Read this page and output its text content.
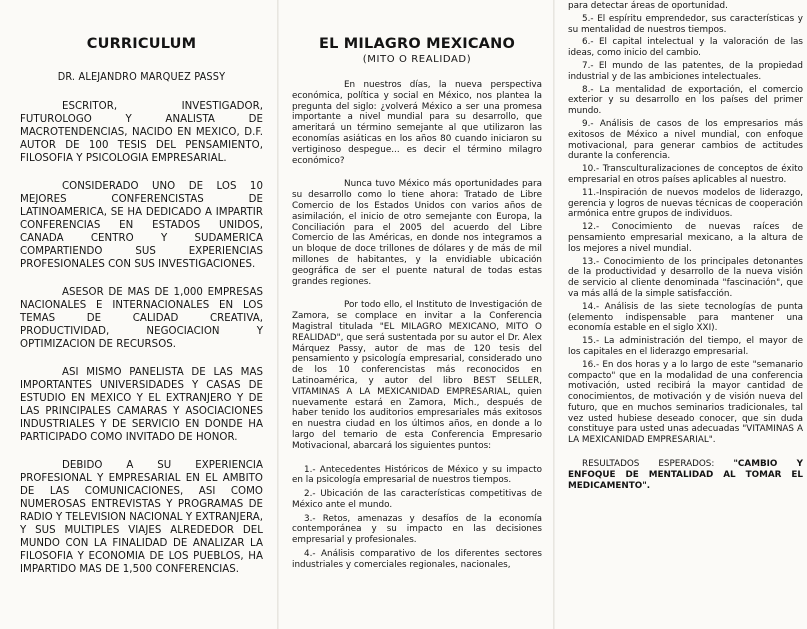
CURRICULUM
DR. ALEJANDRO MARQUEZ PASSY

ESCRITOR, INVESTIGADOR, FUTUROLOGO Y ANALISTA DE MACROTENDENCIAS, NACIDO EN MEXICO, D.F. AUTOR DE 100 TESIS DEL PENSAMIENTO, FILOSOFIA Y PSICOLOGIA EMPRESARIAL.

CONSIDERADO UNO DE LOS 10 MEJORES CONFERENCISTAS DE LATINOAMERICA, SE HA DEDICADO A IMPARTIR CONFERENCIAS EN ESTADOS UNIDOS, CANADA CENTRO Y SUDAMERICA COMPARTIENDO SUS EXPERIENCIAS PROFESIONALES CON SUS INVESTIGACIONES.

ASESOR DE MAS DE 1,000 EMPRESAS NACIONALES E INTERNACIONALES EN LOS TEMAS DE CALIDAD CREATIVA, PRODUCTIVIDAD, NEGOCIACION Y OPTIMIZACION DE RECURSOS.

ASI MISMO PANELISTA DE LAS MAS IMPORTANTES UNIVERSIDADES Y CASAS DE ESTUDIO EN MEXICO Y EL EXTRANJERO Y DE LAS PRINCIPALES CAMARAS Y ASOCIACIONES INDUSTRIALES Y DE SERVICIO EN DONDE HA PARTICIPADO COMO INVITADO DE HONOR.

DEBIDO A SU EXPERIENCIA PROFESIONAL Y EMPRESARIAL EN EL AMBITO DE LAS COMUNICACIONES, ASI COMO NUMEROSAS ENTREVISTAS Y PROGRAMAS DE RADIO Y TELEVISION NACIONAL Y EXTRANJERA, Y SUS MULTIPLES VIAJES ALREDEDOR DEL MUNDO CON LA FINALIDAD DE ANALIZAR LA FILOSOFIA Y ECONOMIA DE LOS PUEBLOS, HA IMPARTIDO MAS DE 1,500 CONFERENCIAS.

EL MILAGRO MEXICANO
(MITO O REALIDAD)

En nuestros días, la nueva perspectiva económica, política y social en México, nos plantea la pregunta del siglo: ¿volverá México a ser una promesa importante a nivel mundial para su desarrollo, que ameritará un término semejante al que utilizaron las economías asiáticas en los años 80 cuando iniciaron su vertiginoso despegue... es decir el término milagro económico?

Nunca tuvo México más oportunidades para su desarrollo como lo tiene ahora: Tratado de Libre Comercio de los Estados Unidos con varios años de asimilación, el inicio de otro semejante con Europa, la Conciliación para el 2005 del acuerdo del Libre Comercio de las Américas, en donde nos integramos a un bloque de doce trillones de dólares y de más de mil millones de habitantes, y la envidiable ubicación geográfica de ser el puente natural de todas estas grandes regiones.

Por todo ello, el Instituto de Investigación de Zamora, se complace en invitar a la Conferencia Magistral titulada "EL MILAGRO MEXICANO, MITO O REALIDAD", que será sustentada por su autor el Dr. Alex Márquez Passy, autor de mas de 120 tesis del pensamiento y psicología empresarial, considerado uno de los 10 conferencistas más reconocidos en Latinoamérica, y autor del libro BEST SELLER, VITAMINAS A LA MEXICANIDAD EMPRESARIAL, quien nuevamente estará en Zamora, Mich., después de haber tenido los auditorios empresariales más exitosos en nuestra ciudad en los últimos años, en donde a lo largo del temario de esta Conferencia Empresario Motivacional, abarcará los siguientes puntos:

1.- Antecedentes Históricos de México y su impacto en la psicología empresarial de nuestros tiempos.
2.- Ubicación de las características competitivas de México ante el mundo.
3.- Retos, amenazas y desafíos de la economía contemporánea y su impacto en las decisiones empresarial y profesionales.
4.- Análisis comparativo de los diferentes sectores industriales y comerciales regionales, nacionales,
para detectar áreas de oportunidad.
5.- El espíritu emprendedor, sus características y su mentalidad de nuestros tiempos.
6.- El capital intelectual y la valoración de las ideas, como inicio del cambio.
7.- El mundo de las patentes, de la propiedad industrial y de las ambiciones intelectuales.
8.- La mentalidad de exportación, el comercio exterior y su desarrollo en los países del primer mundo.
9.- Análisis de casos de los empresarios más exitosos de México a nivel mundial, con enfoque motivacional, para generar cambios de actitudes durante la conferencia.
10.- Transculturalizaciones de conceptos de éxito empresarial en otros países aplicables al nuestro.
11.-Inspiración de nuevos modelos de liderazgo, gerencia y logros de nuevas técnicas de cooperación armónica entre grupos de individuos.
12.- Conocimiento de nuevas raíces de pensamiento empresarial mexicano, a la altura de los mejores a nivel mundial.
13.- Conocimiento de los principales detonantes de la productividad y desarrollo de la nueva visión de servicio al cliente denominada "fascinación", que va más allá de la simple satisfacción.
14.- Análisis de las siete tecnologías de punta (elemento indispensable para mantener una economía estable en el siglo XXI).
15.- La administración del tiempo, el mayor de los capitales en el liderazgo empresarial.
16.- En dos horas y a lo largo de este "semanario compacto" que en la modalidad de una conferencia motivación, usted recibirá la mayor cantidad de conocimientos, de motivación y de visión nueva del futuro, que en muchos seminarios tradicionales, tal vez usted hubiese deseado conocer, que sin duda constituye para usted unas adecuadas "VITAMINAS A LA MEXICANIDAD EMPRESARIAL".

RESULTADOS ESPERADOS: "CAMBIO Y ENFOQUE DE MENTALIDAD AL TOMAR EL MEDICAMENTO".
